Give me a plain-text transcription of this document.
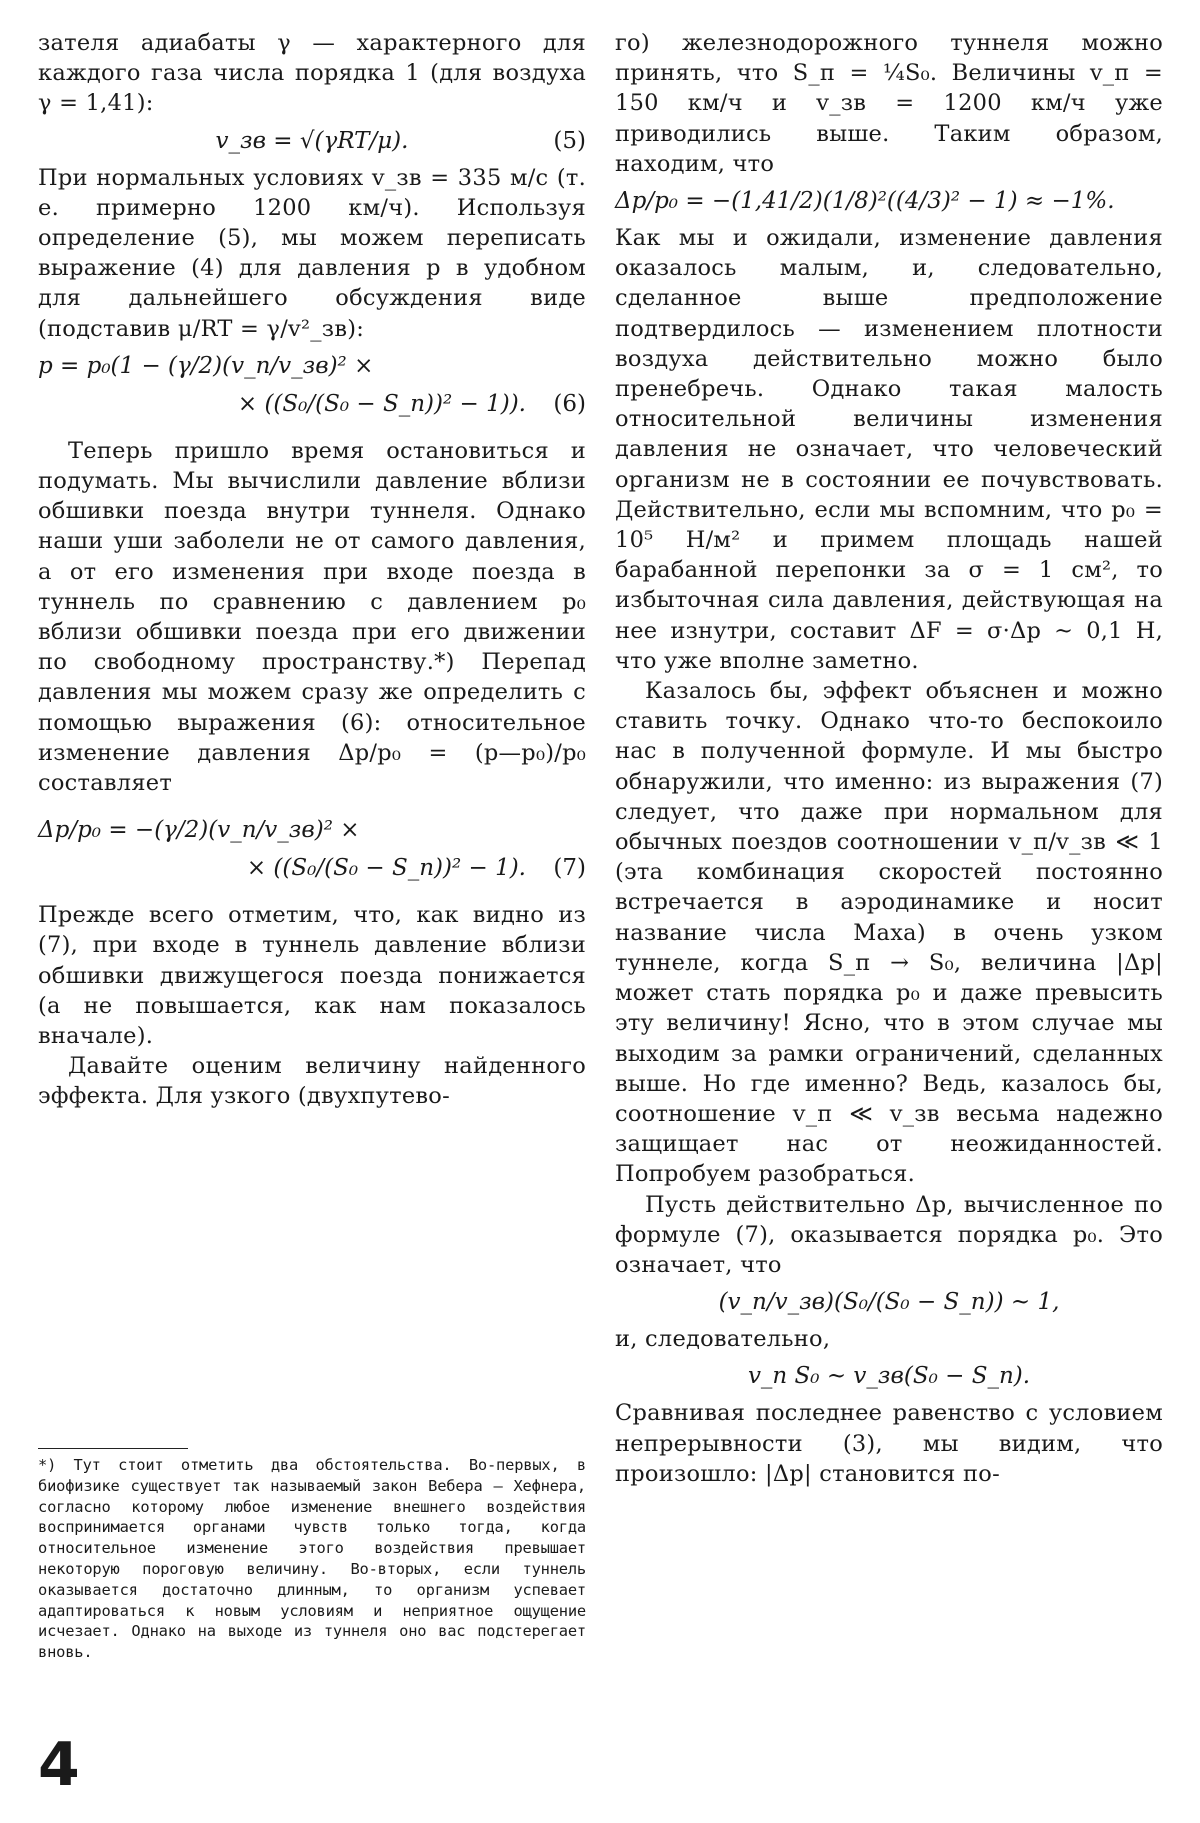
зателя адиабаты γ — характерного для каждого газа числа порядка 1 (для воздуха γ = 1,41):

v_зв = √(γRT/μ).	(5)

При нормальных условиях v_зв = 335 м/с (т. е. примерно 1200 км/ч). Используя определение (5), мы можем переписать выражение (4) для давления p в удобном для дальнейшего обсуждения виде (подставив μ/RT = γ/v²_зв):

p = p₀(1 − (γ/2)(v_п/v_зв)² ×
× ((S₀/(S₀ − S_п))² − 1)). (6)

Теперь пришло время остановиться и подумать. Мы вычислили давление вблизи обшивки поезда внутри туннеля. Однако наши уши заболели не от самого давления, а от его изменения при входе поезда в туннель по сравнению с давлением p₀ вблизи обшивки поезда при его движении по свободному пространству.*) Перепад давления мы можем сразу же определить с помощью выражения (6): относительное изменение давления Δp/p₀ = (p—p₀)/p₀ составляет

Δp/p₀ = −(γ/2)(v_п/v_зв)² ×
× ((S₀/(S₀ − S_п))² − 1). (7)

Прежде всего отметим, что, как видно из (7), при входе в туннель давление вблизи обшивки движущегося поезда понижается (а не повышается, как нам показалось вначале).

Давайте оценим величину найденного эффекта. Для узкого (двухпутево-

го) железнодорожного туннеля можно принять, что S_п = ¼S₀. Величины v_п = 150 км/ч и v_зв = 1200 км/ч уже приводились выше. Таким образом, находим, что

Δp/p₀ = −(1,41/2)(1/8)²((4/3)² − 1) ≈ −1%.

Как мы и ожидали, изменение давления оказалось малым, и, следовательно, сделанное выше предположение подтвердилось — изменением плотности воздуха действительно можно было пренебречь. Однако такая малость относительной величины изменения давления не означает, что человеческий организм не в состоянии ее почувствовать. Действительно, если мы вспомним, что p₀ = 10⁵ Н/м² и примем площадь нашей барабанной перепонки за σ = 1 см², то избыточная сила давления, действующая на нее изнутри, составит ΔF = σ·Δp ~ 0,1 Н, что уже вполне заметно.

Казалось бы, эффект объяснен и можно ставить точку. Однако что-то беспокоило нас в полученной формуле. И мы быстро обнаружили, что именно: из выражения (7) следует, что даже при нормальном для обычных поездов соотношении v_п/v_зв ≪ 1 (эта комбинация скоростей постоянно встречается в аэродинамике и носит название числа Маха) в очень узком туннеле, когда S_п → S₀, величина |Δp| может стать порядка p₀ и даже превысить эту величину! Ясно, что в этом случае мы выходим за рамки ограничений, сделанных выше. Но где именно? Ведь, казалось бы, соотношение v_п ≪ v_зв весьма надежно защищает нас от неожиданностей. Попробуем разобраться.

Пусть действительно Δp, вычисленное по формуле (7), оказывается порядка p₀. Это означает, что

(v_п/v_зв)(S₀/(S₀ − S_п)) ~ 1,

и, следовательно,

v_п S₀ ~ v_зв(S₀ − S_п).

Сравнивая последнее равенство с условием непрерывности (3), мы видим, что произошло: |Δp| становится по-

*) Тут стоит отметить два обстоятельства. Во-первых, в биофизике существует так называемый закон Вебера — Хефнера, согласно которому любое изменение внешнего воздействия воспринимается органами чувств только тогда, когда относительное изменение этого воздействия превышает некоторую пороговую величину. Во-вторых, если туннель оказывается достаточно длинным, то организм успевает адаптироваться к новым условиям и неприятное ощущение исчезает. Однако на выходе из туннеля оно вас подстерегает вновь.

4
